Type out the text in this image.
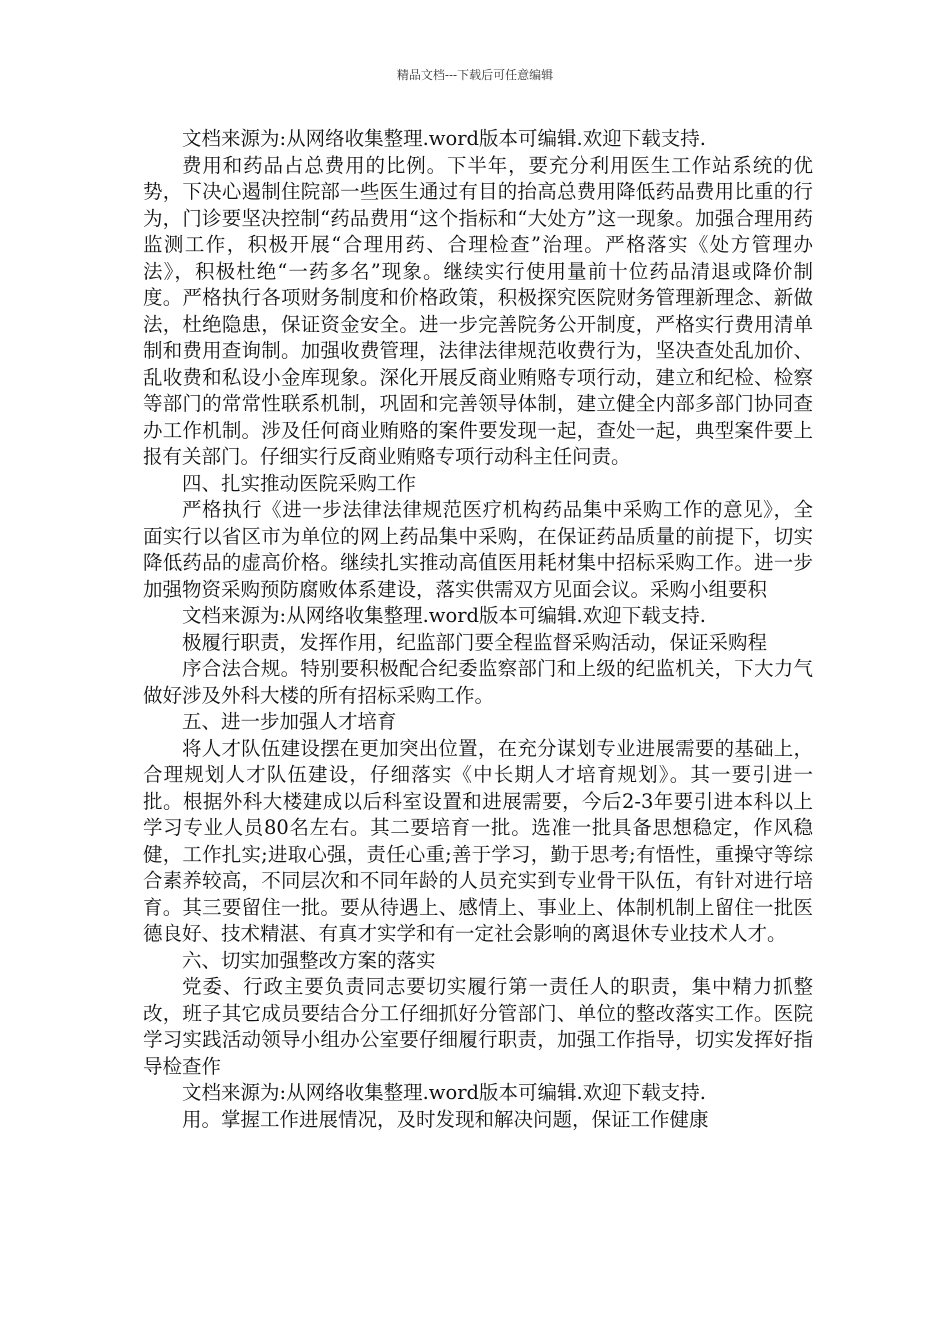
精品文档---下载后可任意编辑

文档来源为:从网络收集整理.word版本可编辑.欢迎下载支持.

费用和药品占总费用的比例。下半年，要充分利用医生工作站系统的优势，下决心遏制住院部一些医生通过有目的抬高总费用降低药品费用比重的行为，门诊要坚决控制“药品费用“这个指标和“大处方”这一现象。加强合理用药监测工作，积极开展“合理用药、合理检查”治理。严格落实《处方管理办法》，积极杜绝“一药多名”现象。继续实行使用量前十位药品清退或降价制度。严格执行各项财务制度和价格政策，积极探究医院财务管理新理念、新做法，杜绝隐患，保证资金安全。进一步完善院务公开制度，严格实行费用清单制和费用查询制。加强收费管理，法律法律规范收费行为，坚决查处乱加价、乱收费和私设小金库现象。深化开展反商业贿赂专项行动，建立和纪检、检察等部门的常常性联系机制，巩固和完善领导体制，建立健全内部多部门协同查办工作机制。涉及任何商业贿赂的案件要发现一起，查处一起，典型案件要上报有关部门。仔细实行反商业贿赂专项行动科主任问责。

四、扎实推动医院采购工作

严格执行《进一步法律法律规范医疗机构药品集中采购工作的意见》，全面实行以省区市为单位的网上药品集中采购，在保证药品质量的前提下，切实降低药品的虚高价格。继续扎实推动高值医用耗材集中招标采购工作。进一步加强物资采购预防腐败体系建设，落实供需双方见面会议。采购小组要积

文档来源为:从网络收集整理.word版本可编辑.欢迎下载支持.

极履行职责，发挥作用，纪监部门要全程监督采购活动，保证采购程

序合法合规。特别要积极配合纪委监察部门和上级的纪监机关，下大力气做好涉及外科大楼的所有招标采购工作。

五、进一步加强人才培育

将人才队伍建设摆在更加突出位置，在充分谋划专业进展需要的基础上，合理规划人才队伍建设，仔细落实《中长期人才培育规划》。其一要引进一批。根据外科大楼建成以后科室设置和进展需要，今后2-3年要引进本科以上学习专业人员80名左右。其二要培育一批。选准一批具备思想稳定，作风稳健，工作扎实;进取心强，责任心重;善于学习，勤于思考;有悟性，重操守等综合素养较高，不同层次和不同年龄的人员充实到专业骨干队伍，有针对进行培育。其三要留住一批。要从待遇上、感情上、事业上、体制机制上留住一批医德良好、技术精湛、有真才实学和有一定社会影响的离退休专业技术人才。

六、切实加强整改方案的落实

党委、行政主要负责同志要切实履行第一责任人的职责，集中精力抓整改，班子其它成员要结合分工仔细抓好分管部门、单位的整改落实工作。医院学习实践活动领导小组办公室要仔细履行职责，加强工作指导，切实发挥好指导检查作

文档来源为:从网络收集整理.word版本可编辑.欢迎下载支持.

用。掌握工作进展情况，及时发现和解决问题，保证工作健康
